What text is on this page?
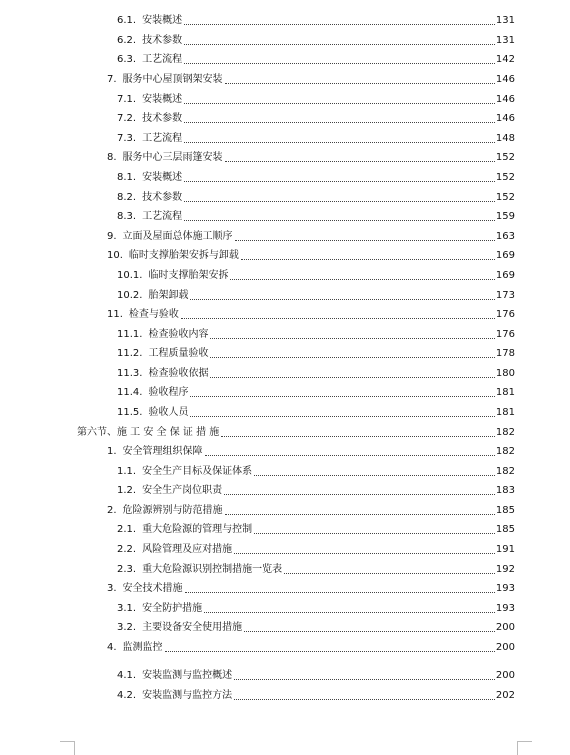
6.1. 安装概述	131
6.2. 技术参数	131
6.3. 工艺流程	142
7. 服务中心屋顶钢架安装	146
7.1. 安装概述	146
7.2. 技术参数	146
7.3. 工艺流程	148
8. 服务中心三层雨篷安装	152
8.1. 安装概述	152
8.2. 技术参数	152
8.3. 工艺流程	159
9. 立面及屋面总体施工顺序	163
10. 临时支撑胎架安拆与卸载	169
10.1. 临时支撑胎架安拆	169
10.2. 胎架卸载	173
11. 检查与验收	176
11.1. 检查验收内容	176
11.2. 工程质量验收	178
11.3. 检查验收依据	180
11.4. 验收程序	181
11.5. 验收人员	181
第六节、 施 工 安 全 保 证 措 施	182
1. 安全管理组织保障	182
1.1. 安全生产目标及保证体系	182
1.2. 安全生产岗位职责	183
2. 危险源辨别与防范措施	185
2.1. 重大危险源的管理与控制	185
2.2. 风险管理及应对措施	191
2.3. 重大危险源识别控制措施一览表	192
3. 安全技术措施	193
3.1. 安全防护措施	193
3.2. 主要设备安全使用措施	200
4. 监测监控	200
4.1. 安装监测与监控概述	200
4.2. 安装监测与监控方法	202
